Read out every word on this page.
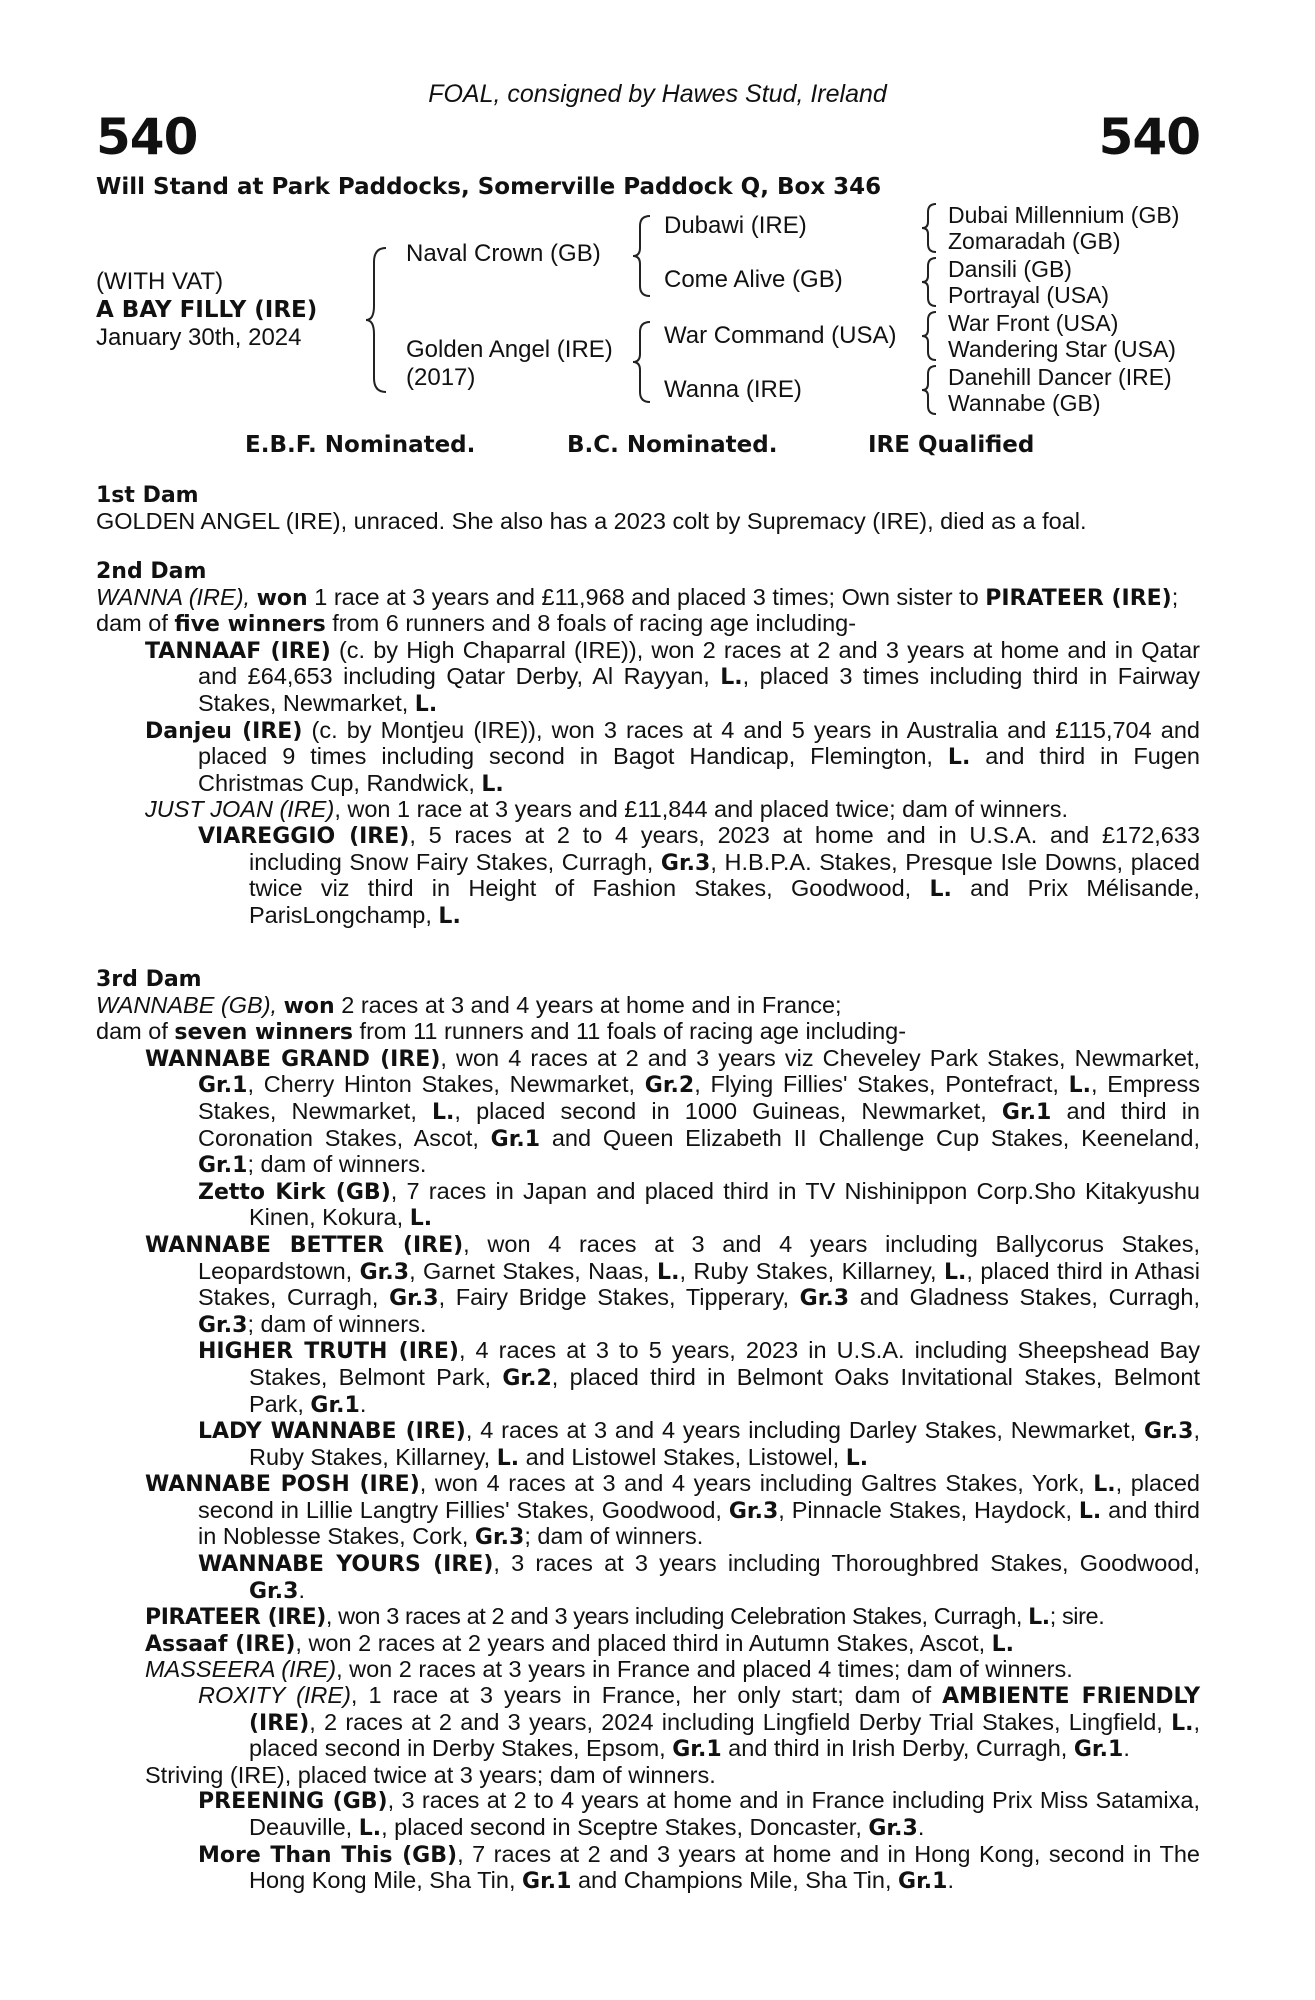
FOAL, consigned by Hawes Stud, Ireland
540	540
Will Stand at Park Paddocks, Somerville Paddock Q, Box 346
(WITH VAT)
A BAY FILLY (IRE)
January 30th, 2024
Naval Crown (GB)
Golden Angel (IRE)
(2017)
Dubawi (IRE)
Come Alive (GB)
War Command (USA)
Wanna (IRE)
Dubai Millennium (GB)
Zomaradah (GB)
Dansili (GB)
Portrayal (USA)
War Front (USA)
Wandering Star (USA)
Danehill Dancer (IRE)
Wannabe (GB)
E.B.F. Nominated.	B.C. Nominated.	IRE Qualified

1st Dam

GOLDEN ANGEL (IRE), unraced. She also has a 2023 colt by Supremacy (IRE), died as a foal.

2nd Dam

WANNA (IRE), won 1 race at 3 years and £11,968 and placed 3 times; Own sister to PIRATEER (IRE);

dam of five winners from 6 runners and 8 foals of racing age including-

TANNAAF (IRE) (c. by High Chaparral (IRE)), won 2 races at 2 and 3 years at home and in Qatar and £64,653 including Qatar Derby, Al Rayyan, L., placed 3 times including third in Fairway Stakes, Newmarket, L.

Danjeu (IRE) (c. by Montjeu (IRE)), won 3 races at 4 and 5 years in Australia and £115,704 and placed 9 times including second in Bagot Handicap, Flemington, L. and third in Fugen Christmas Cup, Randwick, L.

JUST JOAN (IRE), won 1 race at 3 years and £11,844 and placed twice; dam of winners.

VIAREGGIO (IRE), 5 races at 2 to 4 years, 2023 at home and in U.S.A. and £172,633 including Snow Fairy Stakes, Curragh, Gr.3, H.B.P.A. Stakes, Presque Isle Downs, placed twice viz third in Height of Fashion Stakes, Goodwood, L. and Prix Mélisande, ParisLongchamp, L.

3rd Dam

WANNABE (GB), won 2 races at 3 and 4 years at home and in France;

dam of seven winners from 11 runners and 11 foals of racing age including-

WANNABE GRAND (IRE), won 4 races at 2 and 3 years viz Cheveley Park Stakes, Newmarket, Gr.1, Cherry Hinton Stakes, Newmarket, Gr.2, Flying Fillies' Stakes, Pontefract, L., Empress Stakes, Newmarket, L., placed second in 1000 Guineas, Newmarket, Gr.1 and third in Coronation Stakes, Ascot, Gr.1 and Queen Elizabeth II Challenge Cup Stakes, Keeneland, Gr.1; dam of winners.

Zetto Kirk (GB), 7 races in Japan and placed third in TV Nishinippon Corp.Sho Kitakyushu Kinen, Kokura, L.

WANNABE BETTER (IRE), won 4 races at 3 and 4 years including Ballycorus Stakes, Leopardstown, Gr.3, Garnet Stakes, Naas, L., Ruby Stakes, Killarney, L., placed third in Athasi Stakes, Curragh, Gr.3, Fairy Bridge Stakes, Tipperary, Gr.3 and Gladness Stakes, Curragh, Gr.3; dam of winners.

HIGHER TRUTH (IRE), 4 races at 3 to 5 years, 2023 in U.S.A. including Sheepshead Bay Stakes, Belmont Park, Gr.2, placed third in Belmont Oaks Invitational Stakes, Belmont Park, Gr.1.

LADY WANNABE (IRE), 4 races at 3 and 4 years including Darley Stakes, Newmarket, Gr.3, Ruby Stakes, Killarney, L. and Listowel Stakes, Listowel, L.

WANNABE POSH (IRE), won 4 races at 3 and 4 years including Galtres Stakes, York, L., placed second in Lillie Langtry Fillies' Stakes, Goodwood, Gr.3, Pinnacle Stakes, Haydock, L. and third in Noblesse Stakes, Cork, Gr.3; dam of winners.

WANNABE YOURS (IRE), 3 races at 3 years including Thoroughbred Stakes, Goodwood, Gr.3.

PIRATEER (IRE), won 3 races at 2 and 3 years including Celebration Stakes, Curragh, L.; sire.

Assaaf (IRE), won 2 races at 2 years and placed third in Autumn Stakes, Ascot, L.

MASSEERA (IRE), won 2 races at 3 years in France and placed 4 times; dam of winners.

ROXITY (IRE), 1 race at 3 years in France, her only start; dam of AMBIENTE FRIENDLY (IRE), 2 races at 2 and 3 years, 2024 including Lingfield Derby Trial Stakes, Lingfield, L., placed second in Derby Stakes, Epsom, Gr.1 and third in Irish Derby, Curragh, Gr.1.

Striving (IRE), placed twice at 3 years; dam of winners.

PREENING (GB), 3 races at 2 to 4 years at home and in France including Prix Miss Satamixa, Deauville, L., placed second in Sceptre Stakes, Doncaster, Gr.3.

More Than This (GB), 7 races at 2 and 3 years at home and in Hong Kong, second in The Hong Kong Mile, Sha Tin, Gr.1 and Champions Mile, Sha Tin, Gr.1.
